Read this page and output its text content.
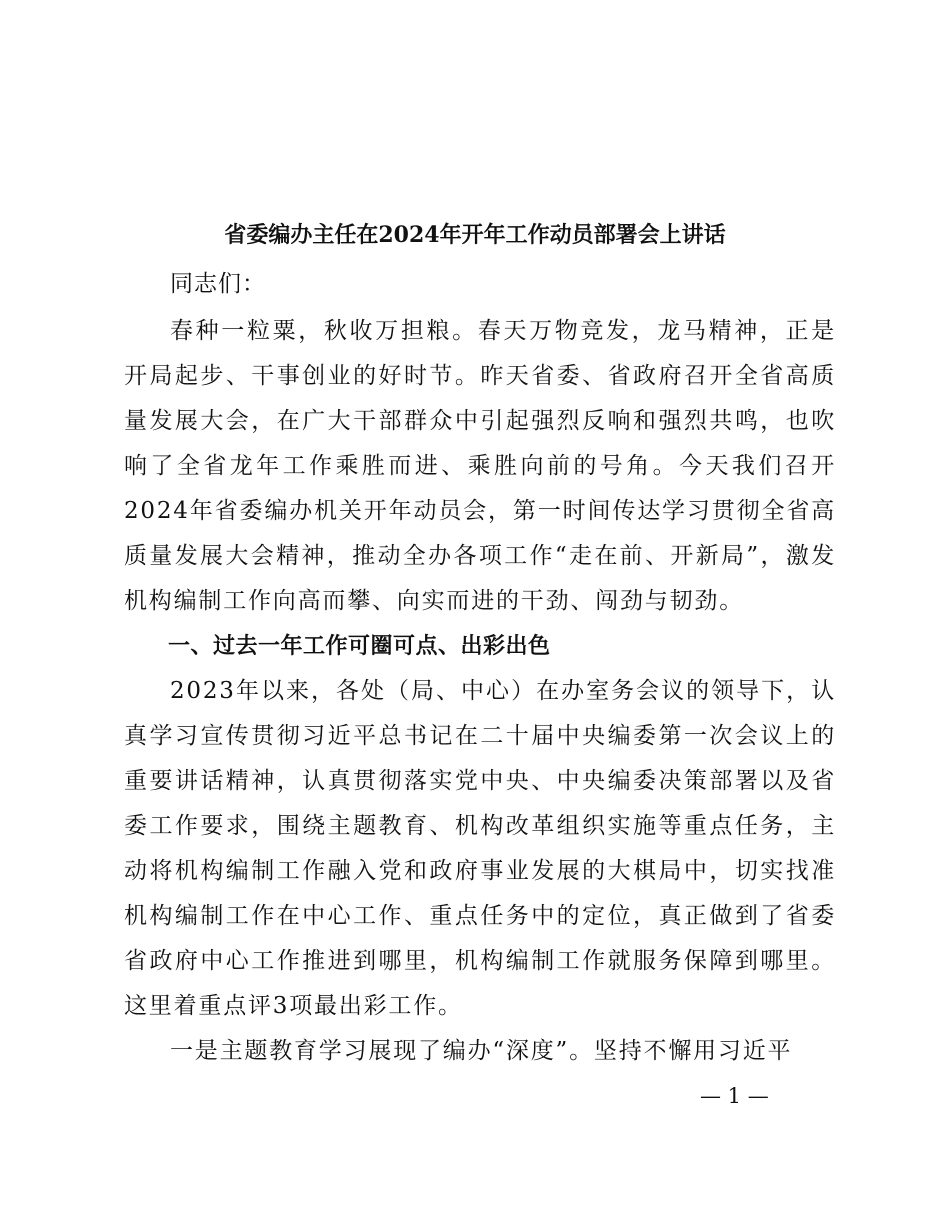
省委编办主任在2024年开年工作动员部署会上讲话

同志们：

春种一粒粟，秋收万担粮。春天万物竞发，龙马精神，正是开局起步、干事创业的好时节。昨天省委、省政府召开全省高质量发展大会，在广大干部群众中引起强烈反响和强烈共鸣，也吹响了全省龙年工作乘胜而进、乘胜向前的号角。今天我们召开2024年省委编办机关开年动员会，第一时间传达学习贯彻全省高质量发展大会精神，推动全办各项工作“走在前、开新局”，激发机构编制工作向高而攀、向实而进的干劲、闯劲与韧劲。

一、过去一年工作可圈可点、出彩出色

2023年以来，各处（局、中心）在办室务会议的领导下，认真学习宣传贯彻习近平总书记在二十届中央编委第一次会议上的重要讲话精神，认真贯彻落实党中央、中央编委决策部署以及省委工作要求，围绕主题教育、机构改革组织实施等重点任务，主动将机构编制工作融入党和政府事业发展的大棋局中，切实找准机构编制工作在中心工作、重点任务中的定位，真正做到了省委省政府中心工作推进到哪里，机构编制工作就服务保障到哪里。这里着重点评3项最出彩工作。

一是主题教育学习展现了编办“深度”。坚持不懈用习近平

— 1 —
